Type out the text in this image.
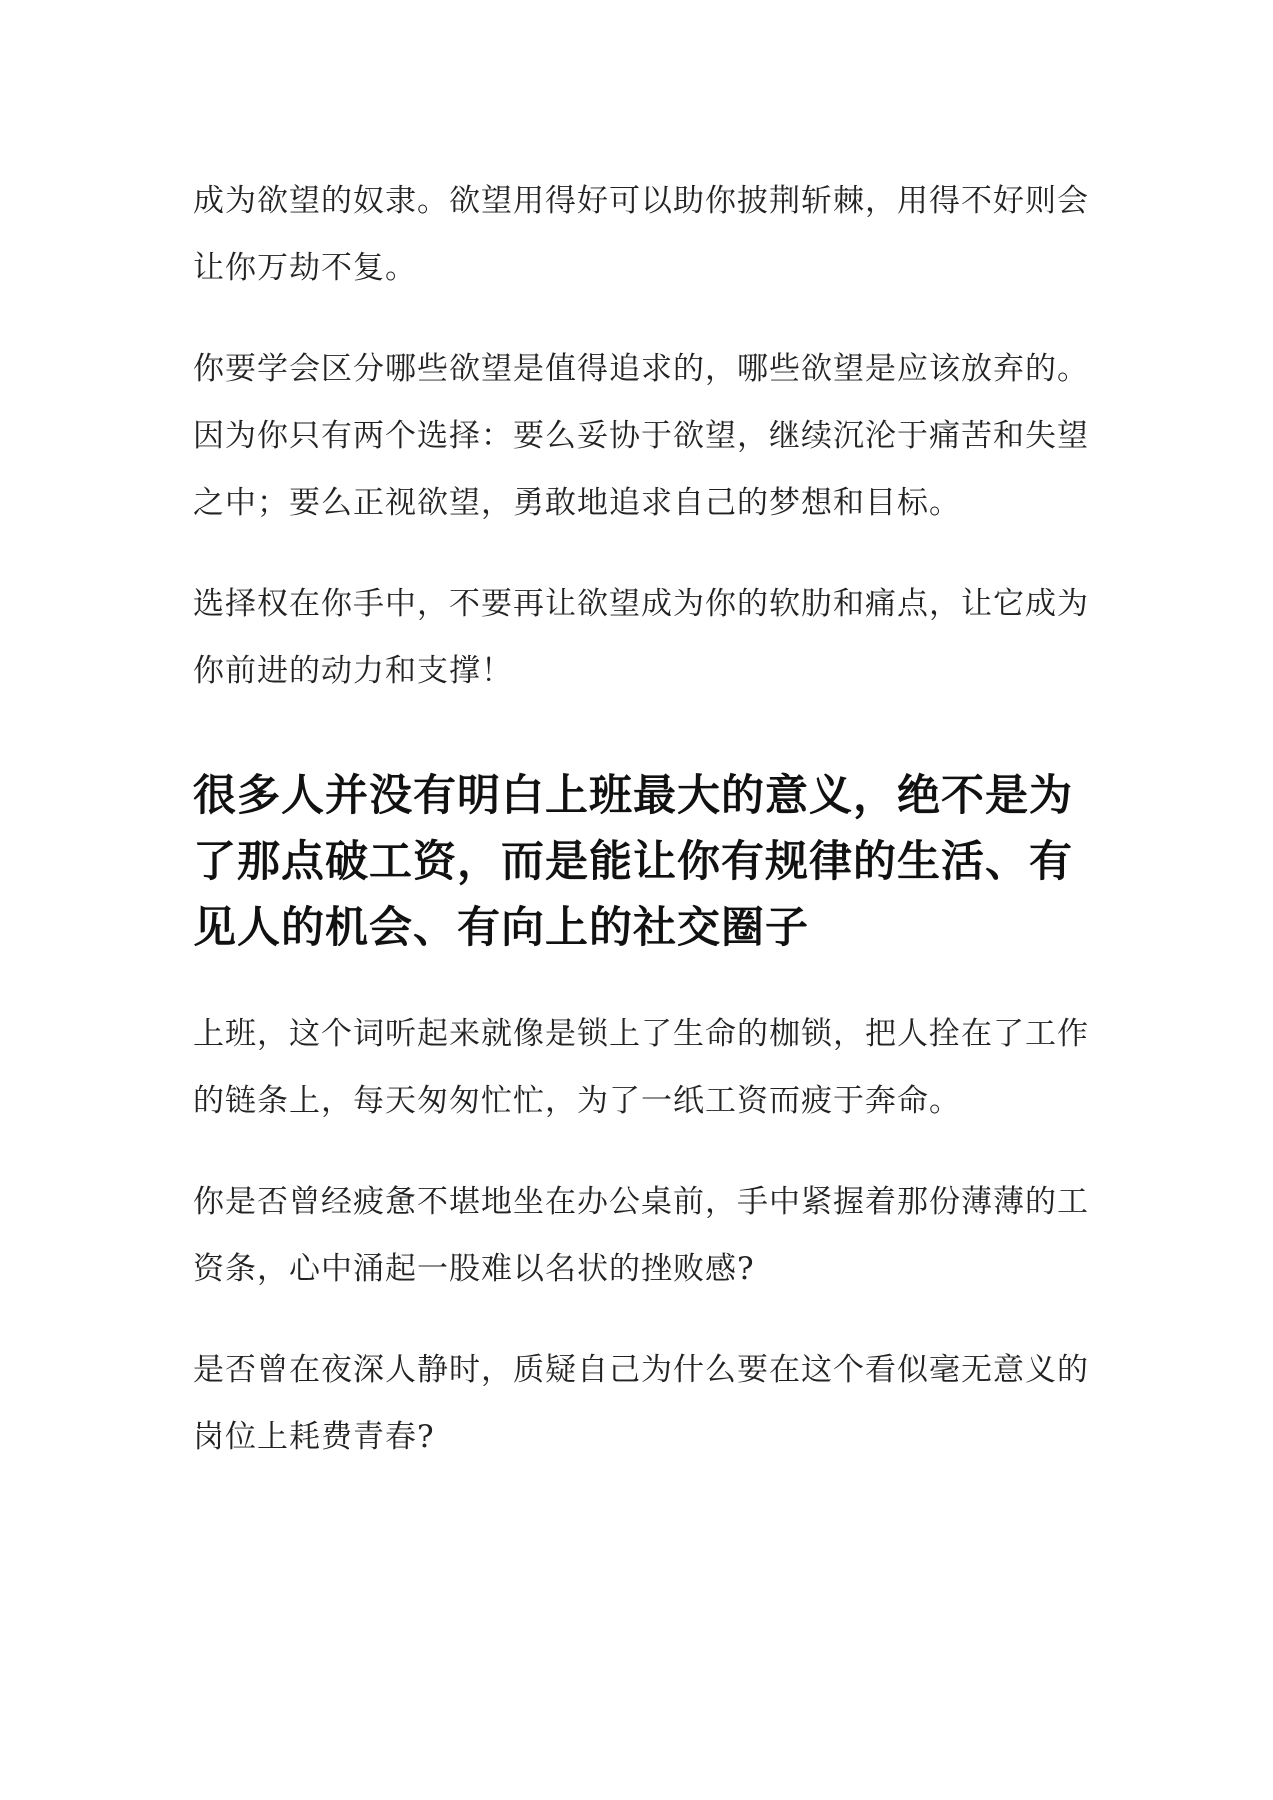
成为欲望的奴隶。欲望用得好可以助你披荆斩棘，用得不好则会让你万劫不复。

你要学会区分哪些欲望是值得追求的，哪些欲望是应该放弃的。因为你只有两个选择：要么妥协于欲望，继续沉沦于痛苦和失望之中；要么正视欲望，勇敢地追求自己的梦想和目标。

选择权在你手中，不要再让欲望成为你的软肋和痛点，让它成为你前进的动力和支撑！

很多人并没有明白上班最大的意义，绝不是为了那点破工资，而是能让你有规律的生活、有见人的机会、有向上的社交圈子

上班，这个词听起来就像是锁上了生命的枷锁，把人拴在了工作的链条上，每天匆匆忙忙，为了一纸工资而疲于奔命。

你是否曾经疲惫不堪地坐在办公桌前，手中紧握着那份薄薄的工资条，心中涌起一股难以名状的挫败感?

是否曾在夜深人静时，质疑自己为什么要在这个看似毫无意义的岗位上耗费青春?
